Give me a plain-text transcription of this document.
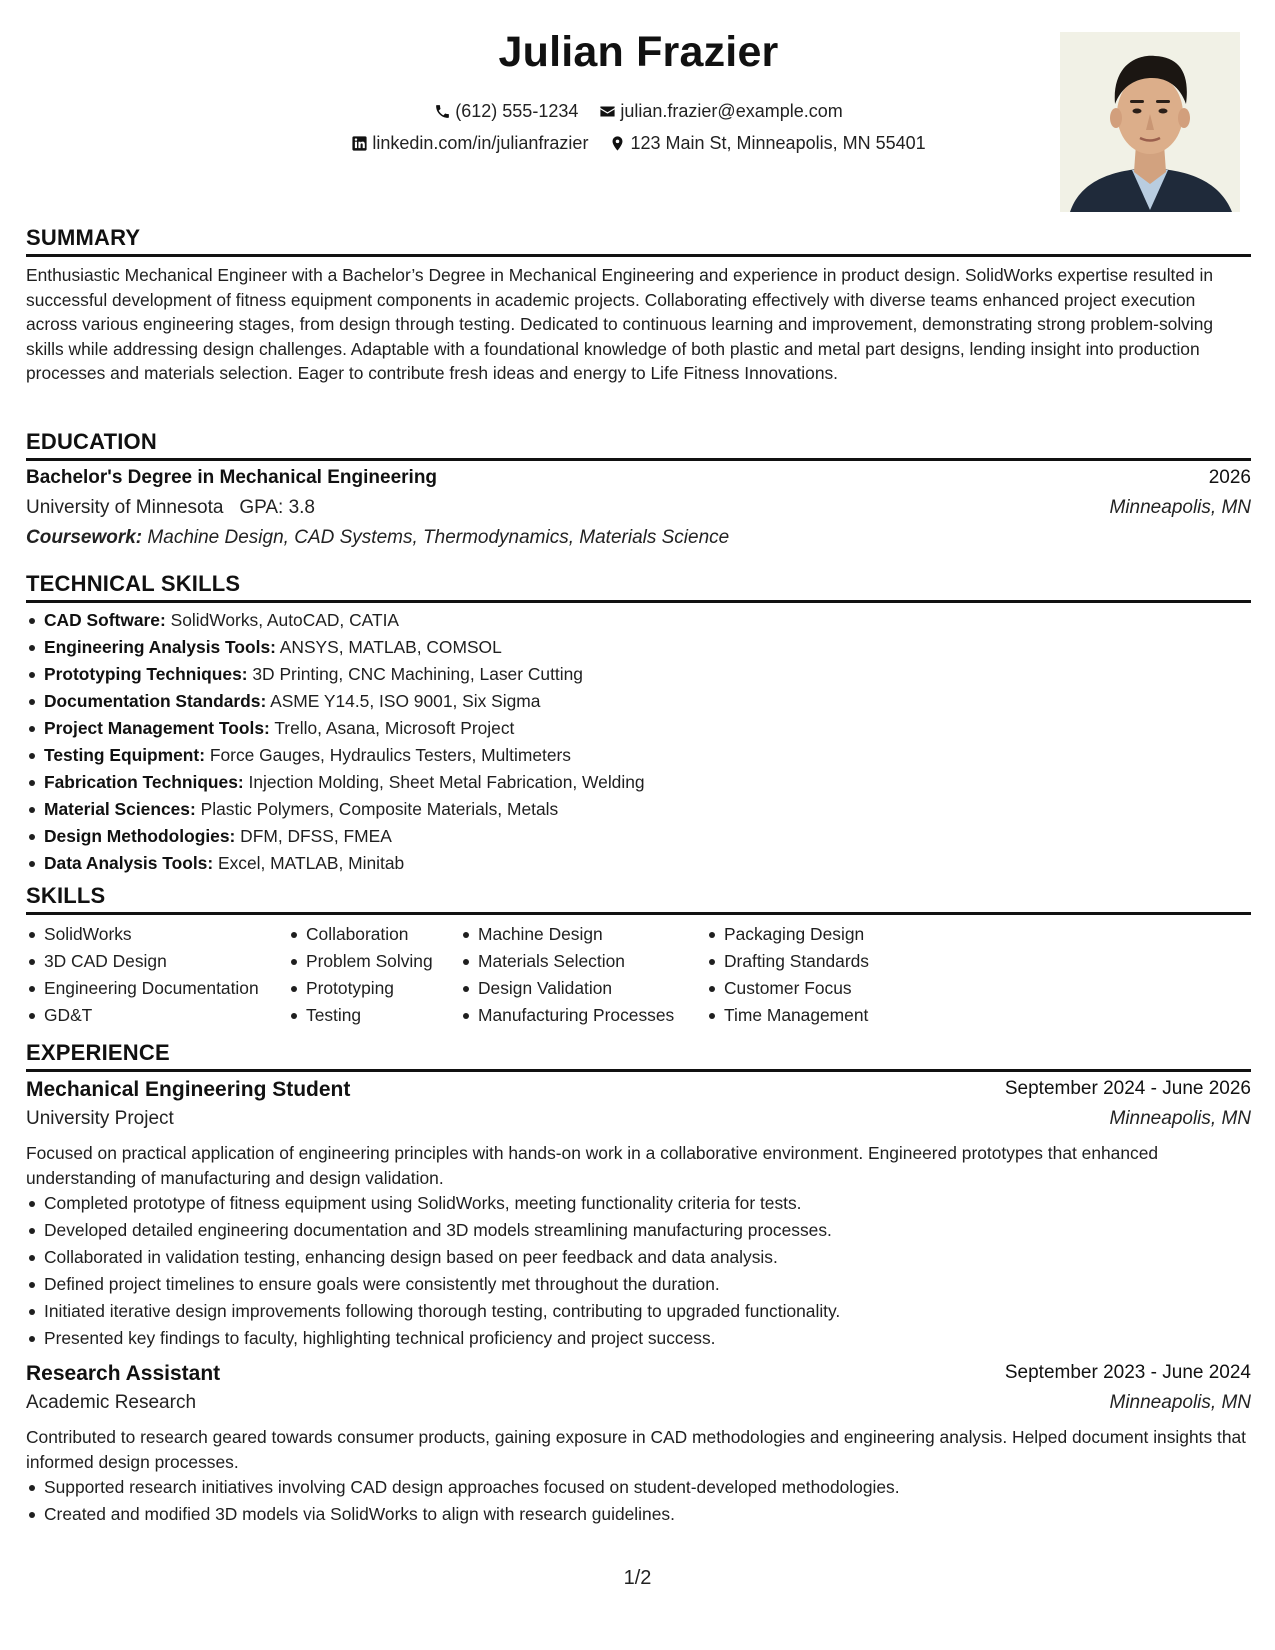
Julian Frazier
(612) 555-1234
julian.frazier@example.com
linkedin.com/in/julianfrazier
123 Main St, Minneapolis, MN 55401
SUMMARY
Enthusiastic Mechanical Engineer with a Bachelor’s Degree in Mechanical Engineering and experience in product design. SolidWorks expertise resulted in successful development of fitness equipment components in academic projects. Collaborating effectively with diverse teams enhanced project execution across various engineering stages, from design through testing. Dedicated to continuous learning and improvement, demonstrating strong problem-solving skills while addressing design challenges. Adaptable with a foundational knowledge of both plastic and metal part designs, lending insight into production processes and materials selection. Eager to contribute fresh ideas and energy to Life Fitness Innovations.
EDUCATION
Bachelor's Degree in Mechanical Engineering	2026
University of Minnesota GPA: 3.8	Minneapolis, MN
Coursework: Machine Design, CAD Systems, Thermodynamics, Materials Science
TECHNICAL SKILLS
CAD Software: SolidWorks, AutoCAD, CATIA
Engineering Analysis Tools: ANSYS, MATLAB, COMSOL
Prototyping Techniques: 3D Printing, CNC Machining, Laser Cutting
Documentation Standards: ASME Y14.5, ISO 9001, Six Sigma
Project Management Tools: Trello, Asana, Microsoft Project
Testing Equipment: Force Gauges, Hydraulics Testers, Multimeters
Fabrication Techniques: Injection Molding, Sheet Metal Fabrication, Welding
Material Sciences: Plastic Polymers, Composite Materials, Metals
Design Methodologies: DFM, DFSS, FMEA
Data Analysis Tools: Excel, MATLAB, Minitab
SKILLS
SolidWorks
3D CAD Design
Engineering Documentation
GD&T
Collaboration
Problem Solving
Prototyping
Testing
Machine Design
Materials Selection
Design Validation
Manufacturing Processes
Packaging Design
Drafting Standards
Customer Focus
Time Management
EXPERIENCE
Mechanical Engineering Student	September 2024 - June 2026
University Project	Minneapolis, MN
Focused on practical application of engineering principles with hands-on work in a collaborative environment. Engineered prototypes that enhanced understanding of manufacturing and design validation.
Completed prototype of fitness equipment using SolidWorks, meeting functionality criteria for tests.
Developed detailed engineering documentation and 3D models streamlining manufacturing processes.
Collaborated in validation testing, enhancing design based on peer feedback and data analysis.
Defined project timelines to ensure goals were consistently met throughout the duration.
Initiated iterative design improvements following thorough testing, contributing to upgraded functionality.
Presented key findings to faculty, highlighting technical proficiency and project success.
Research Assistant	September 2023 - June 2024
Academic Research	Minneapolis, MN
Contributed to research geared towards consumer products, gaining exposure in CAD methodologies and engineering analysis. Helped document insights that informed design processes.
Supported research initiatives involving CAD design approaches focused on student-developed methodologies.
Created and modified 3D models via SolidWorks to align with research guidelines.
1/2
